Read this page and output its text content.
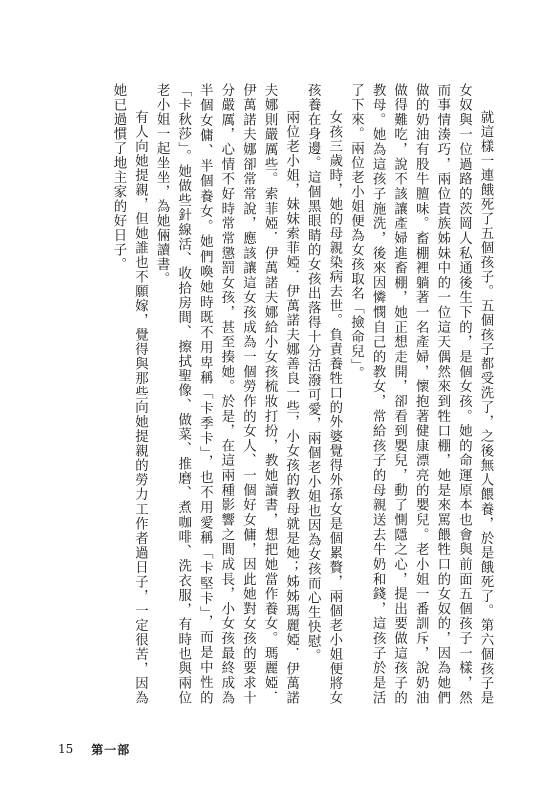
就這樣一連餓死了五個孩子。五個孩子都受洗了，之後無人餵養，於是餓死了。第六個孩子是女奴與一位過路的茨岡人私通後生下的，是個女孩。她的命運原本也會與前面五個孩子一樣，然而事情湊巧，兩位貴族姊妹中的一位這天偶然來到牲口棚，她是來罵餵牲口的女奴的，因為她們做的奶油有股牛膻味。畜棚裡躺著一名產婦，懷抱著健康漂亮的嬰兒。老小姐一番訓斥，說奶油做得難吃，說不該讓產婦進畜棚，她正想走開，卻看到嬰兒，動了惻隱之心，提出要做這孩子的教母。她為這孩子施洗，後來因憐憫自己的教女，常給孩子的母親送去牛奶和錢，這孩子於是活了下來。兩位老小姐便為女孩取名「撿命兒」。

女孩三歲時，她的母親染病去世。負責養牲口的外婆覺得外孫女是個累贅，兩個老小姐便將女孩養在身邊。這個黑眼睛的女孩出落得十分活潑可愛，兩個老小姐也因為女孩而心生快慰。

兩位老小姐，妹妹索菲婭．伊萬諾夫娜善良一些，小女孩的教母就是她；姊姊瑪麗婭．伊萬諾夫娜則嚴厲些。索菲婭．伊萬諾夫娜給小女孩梳妝打扮，教她讀書，想把她當作養女。瑪麗婭．伊萬諾夫娜卻常常說，應該讓這女孩成為一個勞作的女人、一個好女傭，因此她對女孩的要求十分嚴厲，心情不好時常常懲罰女孩，甚至揍她。於是，在這兩種影響之間成長，小女孩最終成為半個女傭、半個養女。她們喚她時既不用卑稱「卡季卡」，也不用愛稱「卡堅卡」，而是中性的「卡秋莎」。她做些針線活、收拾房間、擦拭聖像、做菜、推磨、煮咖啡、洗衣服，有時也與兩位老小姐一起坐坐，為她倆讀書。

有人向她提親，但她誰也不願嫁，覺得與那些向她提親的勞力工作者過日子，一定很苦，因為她已過慣了地主家的好日子。

15 第一部
